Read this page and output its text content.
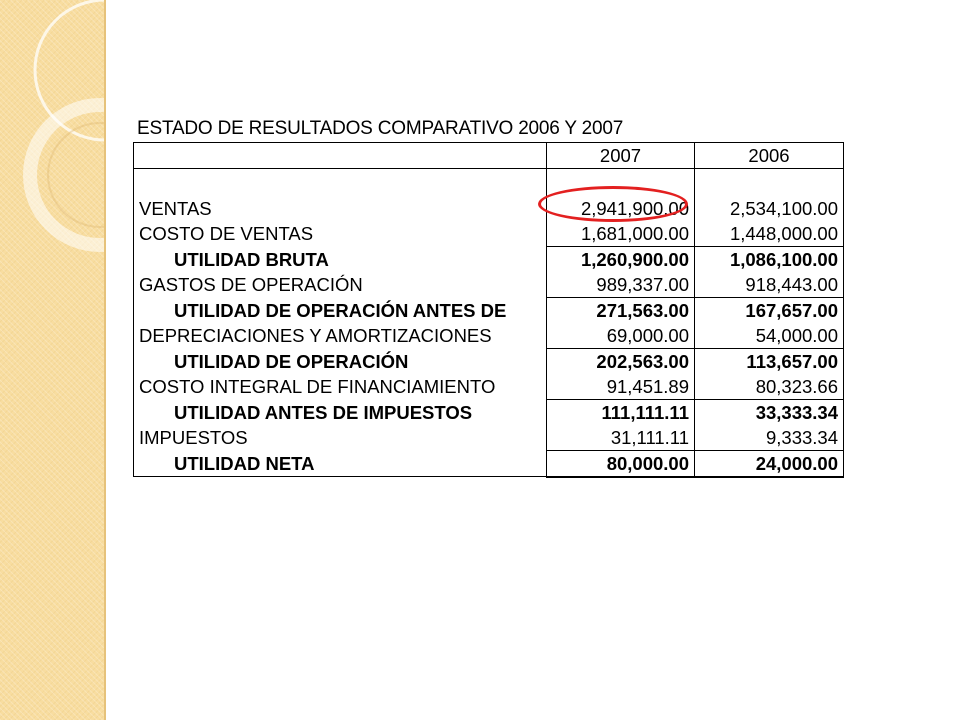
ESTADO DE RESULTADOS COMPARATIVO 2006 Y 2007
	2007	2006

VENTAS	2,941,900.00	2,534,100.00
COSTO DE VENTAS	1,681,000.00	1,448,000.00
UTILIDAD BRUTA	1,260,900.00	1,086,100.00
GASTOS DE OPERACIÓN	989,337.00	918,443.00
UTILIDAD DE OPERACIÓN ANTES DE	271,563.00	167,657.00
DEPRECIACIONES Y AMORTIZACIONES	69,000.00	54,000.00
UTILIDAD DE OPERACIÓN	202,563.00	113,657.00
COSTO INTEGRAL DE FINANCIAMIENTO	91,451.89	80,323.66
UTILIDAD ANTES DE IMPUESTOS	111,111.11	33,333.34
IMPUESTOS	31,111.11	9,333.34
UTILIDAD NETA	80,000.00	24,000.00
